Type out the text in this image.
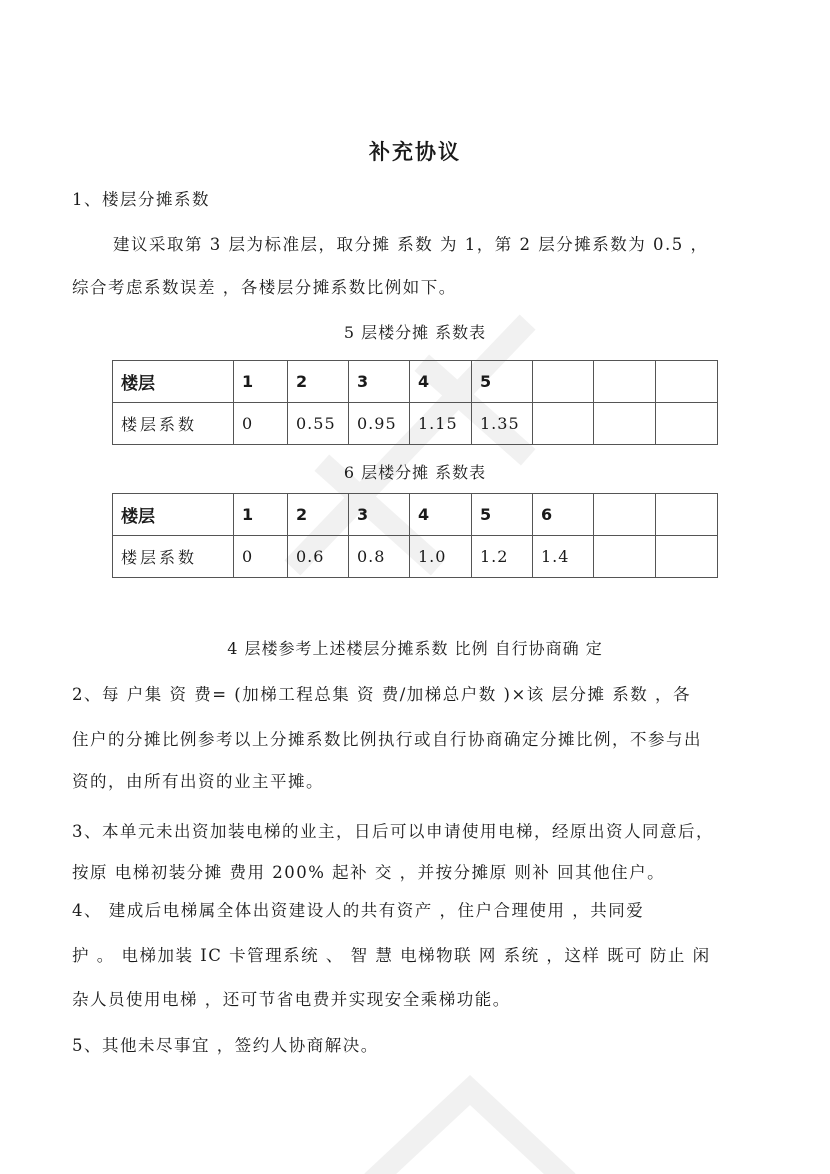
补充协议
1、楼层分摊系数
建议采取第 3 层为标准层，取分摊 系数 为 1，第 2 层分摊系数为 0.5 ，
综合考虑系数误差 ，各楼层分摊系数比例如下。
5 层楼分摊 系数表
楼层	1	2	3	4	5			
楼层系数	0	0.55	0.95	1.15	1.35			
6 层楼分摊 系数表
楼层	1	2	3	4	5	6		
楼层系数	0	0.6	0.8	1.0	1.2	1.4		
4 层楼参考上述楼层分摊系数 比例 自行协商确 定
2、每 户集 资 费= (加梯工程总集 资 费/加梯总户数 )×该 层分摊 系数 ，各
住户的分摊比例参考以上分摊系数比例执行或自行协商确定分摊比例，不参与出
资的，由所有出资的业主平摊。
3、本单元未出资加装电梯的业主，日后可以申请使用电梯，经原出资人同意后，
按原 电梯初装分摊 费用 200% 起补 交 ，并按分摊原 则补 回其他住户。
4、 建成后电梯属全体出资建设人的共有资产 ，住户合理使用 ，共同爱
护 。 电梯加装 IC 卡管理系统 、 智 慧 电梯物联 网 系统 ，这样 既可 防止 闲
杂人员使用电梯 ，还可节省电费并实现安全乘梯功能。
5、其他未尽事宜 ，签约人协商解决。
